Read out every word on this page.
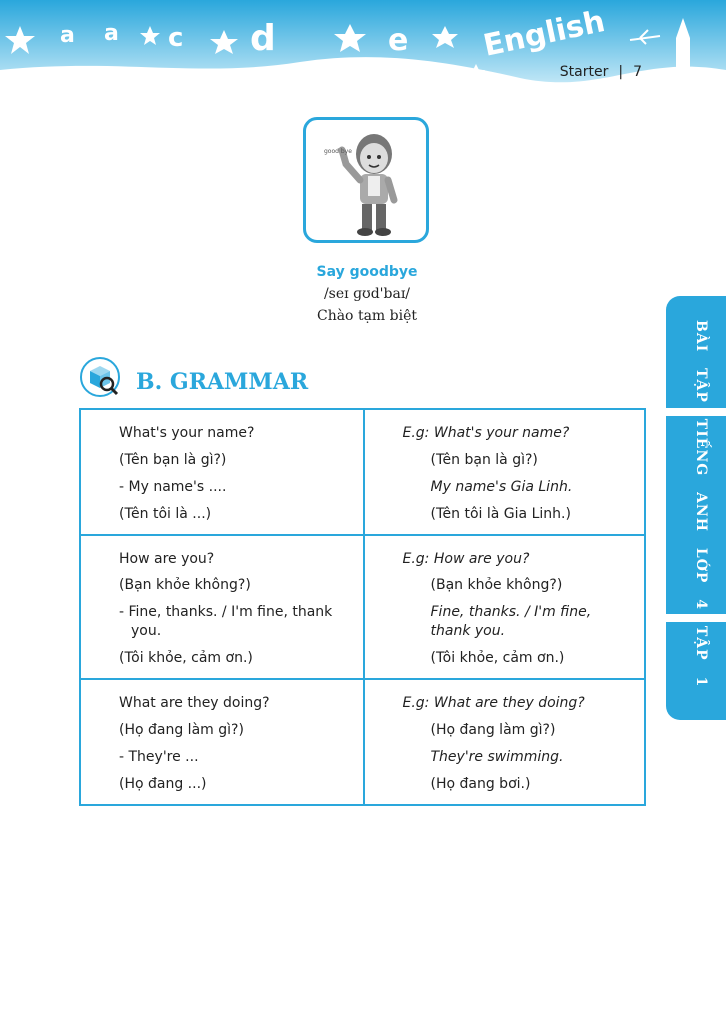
a a c d	e English
Starter | 7
good bye
Say goodbye
/seɪ ɡʊd'baɪ/
Chào tạm biệt
BÀI TẬP TIẾNG ANH LỚP 4 TẬP 1
B. GRAMMAR
What's your name?
(Tên bạn là gì?)
- My name's ....
(Tên tôi là ...)
E.g: What's your name?
(Tên bạn là gì?)
My name's Gia Linh.
(Tên tôi là Gia Linh.)
How are you?
(Bạn khỏe không?)
- Fine, thanks. / I'm fine, thank you.
(Tôi khỏe, cảm ơn.)
E.g: How are you?
(Bạn khỏe không?)
Fine, thanks. / I'm fine, thank you.
(Tôi khỏe, cảm ơn.)
What are they doing?
(Họ đang làm gì?)
- They're ...
(Họ đang ...)
E.g: What are they doing?
(Họ đang làm gì?)
They're swimming.
(Họ đang bơi.)
